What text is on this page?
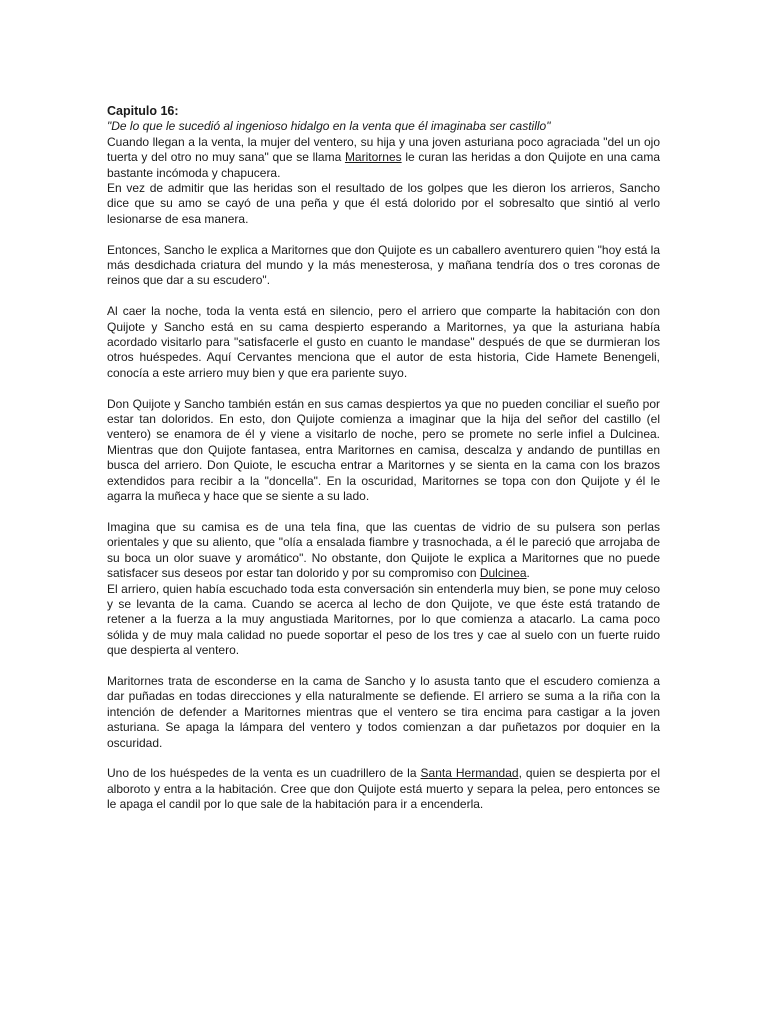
Capitulo 16:

"De lo que le sucedió al ingenioso hidalgo en la venta que él imaginaba ser castillo"

Cuando llegan a la venta, la mujer del ventero, su hija y una joven asturiana poco agraciada "del un ojo tuerta y del otro no muy sana" que se llama Maritornes le curan las heridas a don Quijote en una cama bastante incómoda y chapucera.

En vez de admitir que las heridas son el resultado de los golpes que les dieron los arrieros, Sancho dice que su amo se cayó de una peña y que él está dolorido por el sobresalto que sintió al verlo lesionarse de esa manera.

Entonces, Sancho le explica a Maritornes que don Quijote es un caballero aventurero quien "hoy está la más desdichada criatura del mundo y la más menesterosa, y mañana tendría dos o tres coronas de reinos que dar a su escudero".

Al caer la noche, toda la venta está en silencio, pero el arriero que comparte la habitación con don Quijote y Sancho está en su cama despierto esperando a Maritornes, ya que la asturiana había acordado visitarlo para "satisfacerle el gusto en cuanto le mandase" después de que se durmieran los otros huéspedes. Aquí Cervantes menciona que el autor de esta historia, Cide Hamete Benengeli, conocía a este arriero muy bien y que era pariente suyo.

Don Quijote y Sancho también están en sus camas despiertos ya que no pueden conciliar el sueño por estar tan doloridos. En esto, don Quijote comienza a imaginar que la hija del señor del castillo (el ventero) se enamora de él y viene a visitarlo de noche, pero se promete no serle infiel a Dulcinea. Mientras que don Quijote fantasea, entra Maritornes en camisa, descalza y andando de puntillas en busca del arriero. Don Quiote, le escucha entrar a Maritornes y se sienta en la cama con los brazos extendidos para recibir a la "doncella". En la oscuridad, Maritornes se topa con don Quijote y él le agarra la muñeca y hace que se siente a su lado.

Imagina que su camisa es de una tela fina, que las cuentas de vidrio de su pulsera son perlas orientales y que su aliento, que "olía a ensalada fiambre y trasnochada, a él le pareció que arrojaba de su boca un olor suave y aromático". No obstante, don Quijote le explica a Maritornes que no puede satisfacer sus deseos por estar tan dolorido y por su compromiso con Dulcinea.

El arriero, quien había escuchado toda esta conversación sin entenderla muy bien, se pone muy celoso y se levanta de la cama. Cuando se acerca al lecho de don Quijote, ve que éste está tratando de retener a la fuerza a la muy angustiada Maritornes, por lo que comienza a atacarlo. La cama poco sólida y de muy mala calidad no puede soportar el peso de los tres y cae al suelo con un fuerte ruido que despierta al ventero.

Maritornes trata de esconderse en la cama de Sancho y lo asusta tanto que el escudero comienza a dar puñadas en todas direcciones y ella naturalmente se defiende. El arriero se suma a la riña con la intención de defender a Maritornes mientras que el ventero se tira encima para castigar a la joven asturiana. Se apaga la lámpara del ventero y todos comienzan a dar puñetazos por doquier en la oscuridad.

Uno de los huéspedes de la venta es un cuadrillero de la Santa Hermandad, quien se despierta por el alboroto y entra a la habitación. Cree que don Quijote está muerto y separa la pelea, pero entonces se le apaga el candil por lo que sale de la habitación para ir a encenderla.
